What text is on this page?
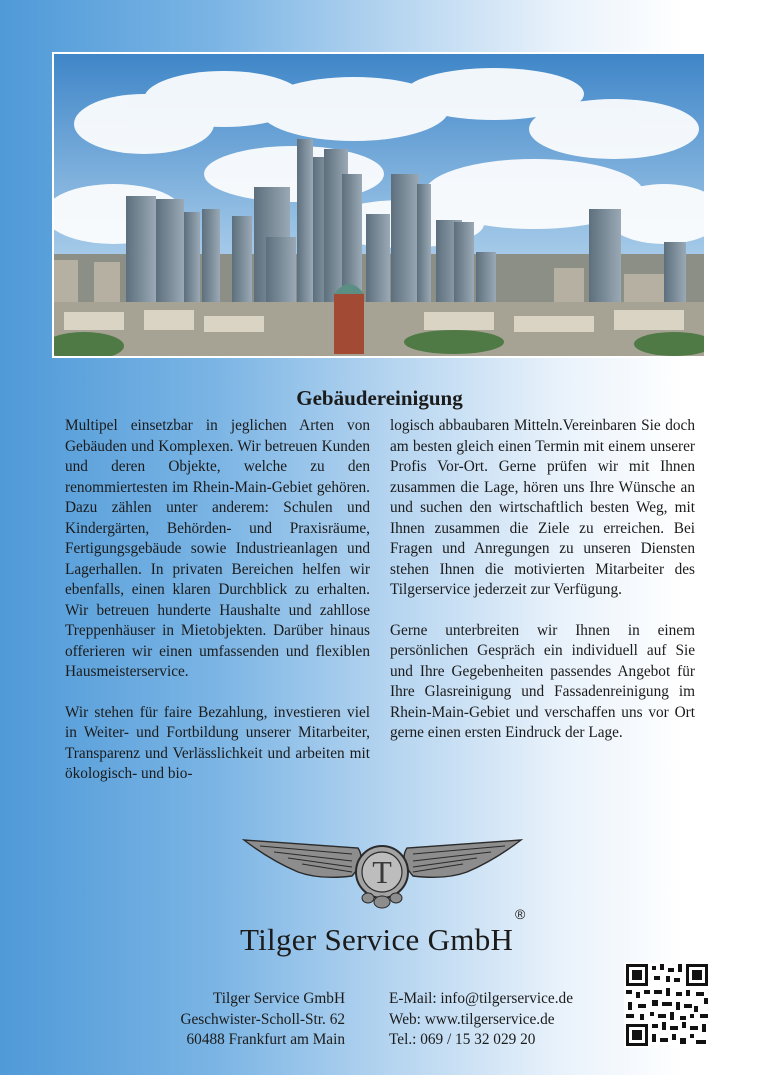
Gebäudereinigung

Multipel einsetzbar in jeglichen Arten von Gebäuden und Komplexen. Wir betreuen Kunden und deren Objekte, welche zu den renommiertesten im Rhein-Main-Gebiet gehören. Dazu zählen unter anderem: Schulen und Kindergärten, Behörden- und Praxisräume, Fertigungsgebäude sowie Industrieanlagen und Lagerhallen. In privaten Bereichen helfen wir ebenfalls, einen klaren Durchblick zu erhalten. Wir betreuen hunderte Haushalte und zahllose Treppenhäuser in Mietobjekten. Darüber hinaus offerieren wir einen umfassenden und flexiblen Hausmeisterservice.

Wir stehen für faire Bezahlung, investieren viel in Weiter- und Fortbildung unserer Mitarbeiter, Transparenz und Verlässlichkeit und arbeiten mit ökologisch- und bio-

logisch abbaubaren Mitteln.Vereinbaren Sie doch am besten gleich einen Termin mit einem unserer Profis Vor-Ort. Gerne prüfen wir mit Ihnen zusammen die Lage, hören uns Ihre Wünsche an und suchen den wirtschaftlich besten Weg, mit Ihnen zusammen die Ziele zu erreichen. Bei Fragen und Anregungen zu unseren Diensten stehen Ihnen die motivierten Mitarbeiter des Tilgerservice jederzeit zur Verfügung.

Gerne unterbreiten wir Ihnen in einem persönlichen Gespräch ein individuell auf Sie und Ihre Gegebenheiten passendes Angebot für Ihre Glasreinigung und Fassadenreinigung im Rhein-Main-Gebiet und verschaffen uns vor Ort gerne einen ersten Eindruck der Lage.

T
Tilger Service GmbH
®
Tilger Service GmbH
Geschwister-Scholl-Str. 62
60488 Frankfurt am Main
E-Mail: info@tilgerservice.de
Web: www.tilgerservice.de
Tel.: 069 / 15 32 029 20
